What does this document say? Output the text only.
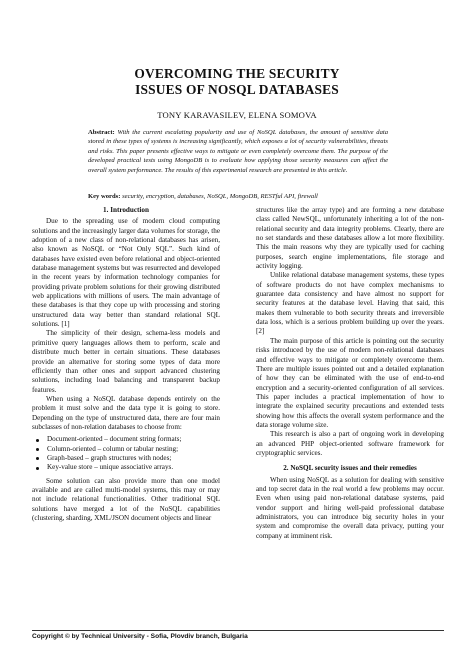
OVERCOMING THE SECURITY
ISSUES OF NOSQL DATABASES
TONY KARAVASILEV, ELENA SOMOVA
Abstract: With the current escalating popularity and use of NoSQL databases, the amount of sensitive data stored in these types of systems is increasing significantly, which exposes a lot of security vulnerabilities, threats and risks. This paper presents effective ways to mitigate or even completely overcome them. The purpose of the developed practical tests using MongoDB is to evaluate how applying those security measures can affect the overall system performance. The results of this experimental research are presented in this article.
Key words: security, encryption, databases, NoSQL, MongoDB, RESTful API, firewall

1. Introduction

Due to the spreading use of modern cloud computing solutions and the increasingly larger data volumes for storage, the adoption of a new class of non-relational databases has arisen, also known as NoSQL or “Not Only SQL”. Such kind of databases have existed even before relational and object-oriented database management systems but was resurrected and developed in the recent years by information technology companies for providing private problem solutions for their growing distributed web applications with millions of users. The main advantage of these databases is that they cope up with processing and storing unstructured data way better than standard relational SQL solutions. [1]

The simplicity of their design, schema-less models and primitive query languages allows them to perform, scale and distribute much better in certain situations. These databases provide an alternative for storing some types of data more efficiently than other ones and support advanced clustering solutions, including load balancing and transparent backup features.

When using a NoSQL database depends entirely on the problem it must solve and the data type it is going to store. Depending on the type of unstructured data, there are four main subclasses of non-relation databases to choose from:

Document-oriented – document string formats;
Column-oriented – column or tabular nesting;
Graph-based – graph structures with nodes;
Key-value store – unique associative arrays.

Some solution can also provide more than one model available and are called multi-model systems, this may or may not include relational functionalities. Other traditional SQL solutions have merged a lot of the NoSQL capabilities (clustering, sharding, XML/JSON document objects and linear

structures like the array type) and are forming a new database class called NewSQL, unfortunately inheriting a lot of the non-relational security and data integrity problems. Clearly, there are no set standards and these databases allow a lot more flexibility. This the main reasons why they are typically used for caching purposes, search engine implementations, file storage and activity logging.

Unlike relational database management systems, these types of software products do not have complex mechanisms to guarantee data consistency and have almost no support for security features at the database level. Having that said, this makes them vulnerable to both security threats and irreversible data loss, which is a serious problem building up over the years. [2]

The main purpose of this article is pointing out the security risks introduced by the use of modern non-relational databases and effective ways to mitigate or completely overcome them. There are multiple issues pointed out and a detailed explanation of how they can be eliminated with the use of end-to-end encryption and a security-oriented configuration of all services. This paper includes a practical implementation of how to integrate the explained security precautions and extended tests showing how this affects the overall system performance and the data storage volume size.

This research is also a part of ongoing work in developing an advanced PHP object-oriented software framework for cryptographic services.

2. NoSQL security issues and their remedies

When using NoSQL as a solution for dealing with sensitive and top secret data in the real world a few problems may occur. Even when using paid non-relational database systems, paid vendor support and hiring well-paid professional database administrators, you can introduce big security holes in your system and compromise the overall data privacy, putting your company at imminent risk.

Copyright © by Technical University - Sofia, Plovdiv branch, Bulgaria
